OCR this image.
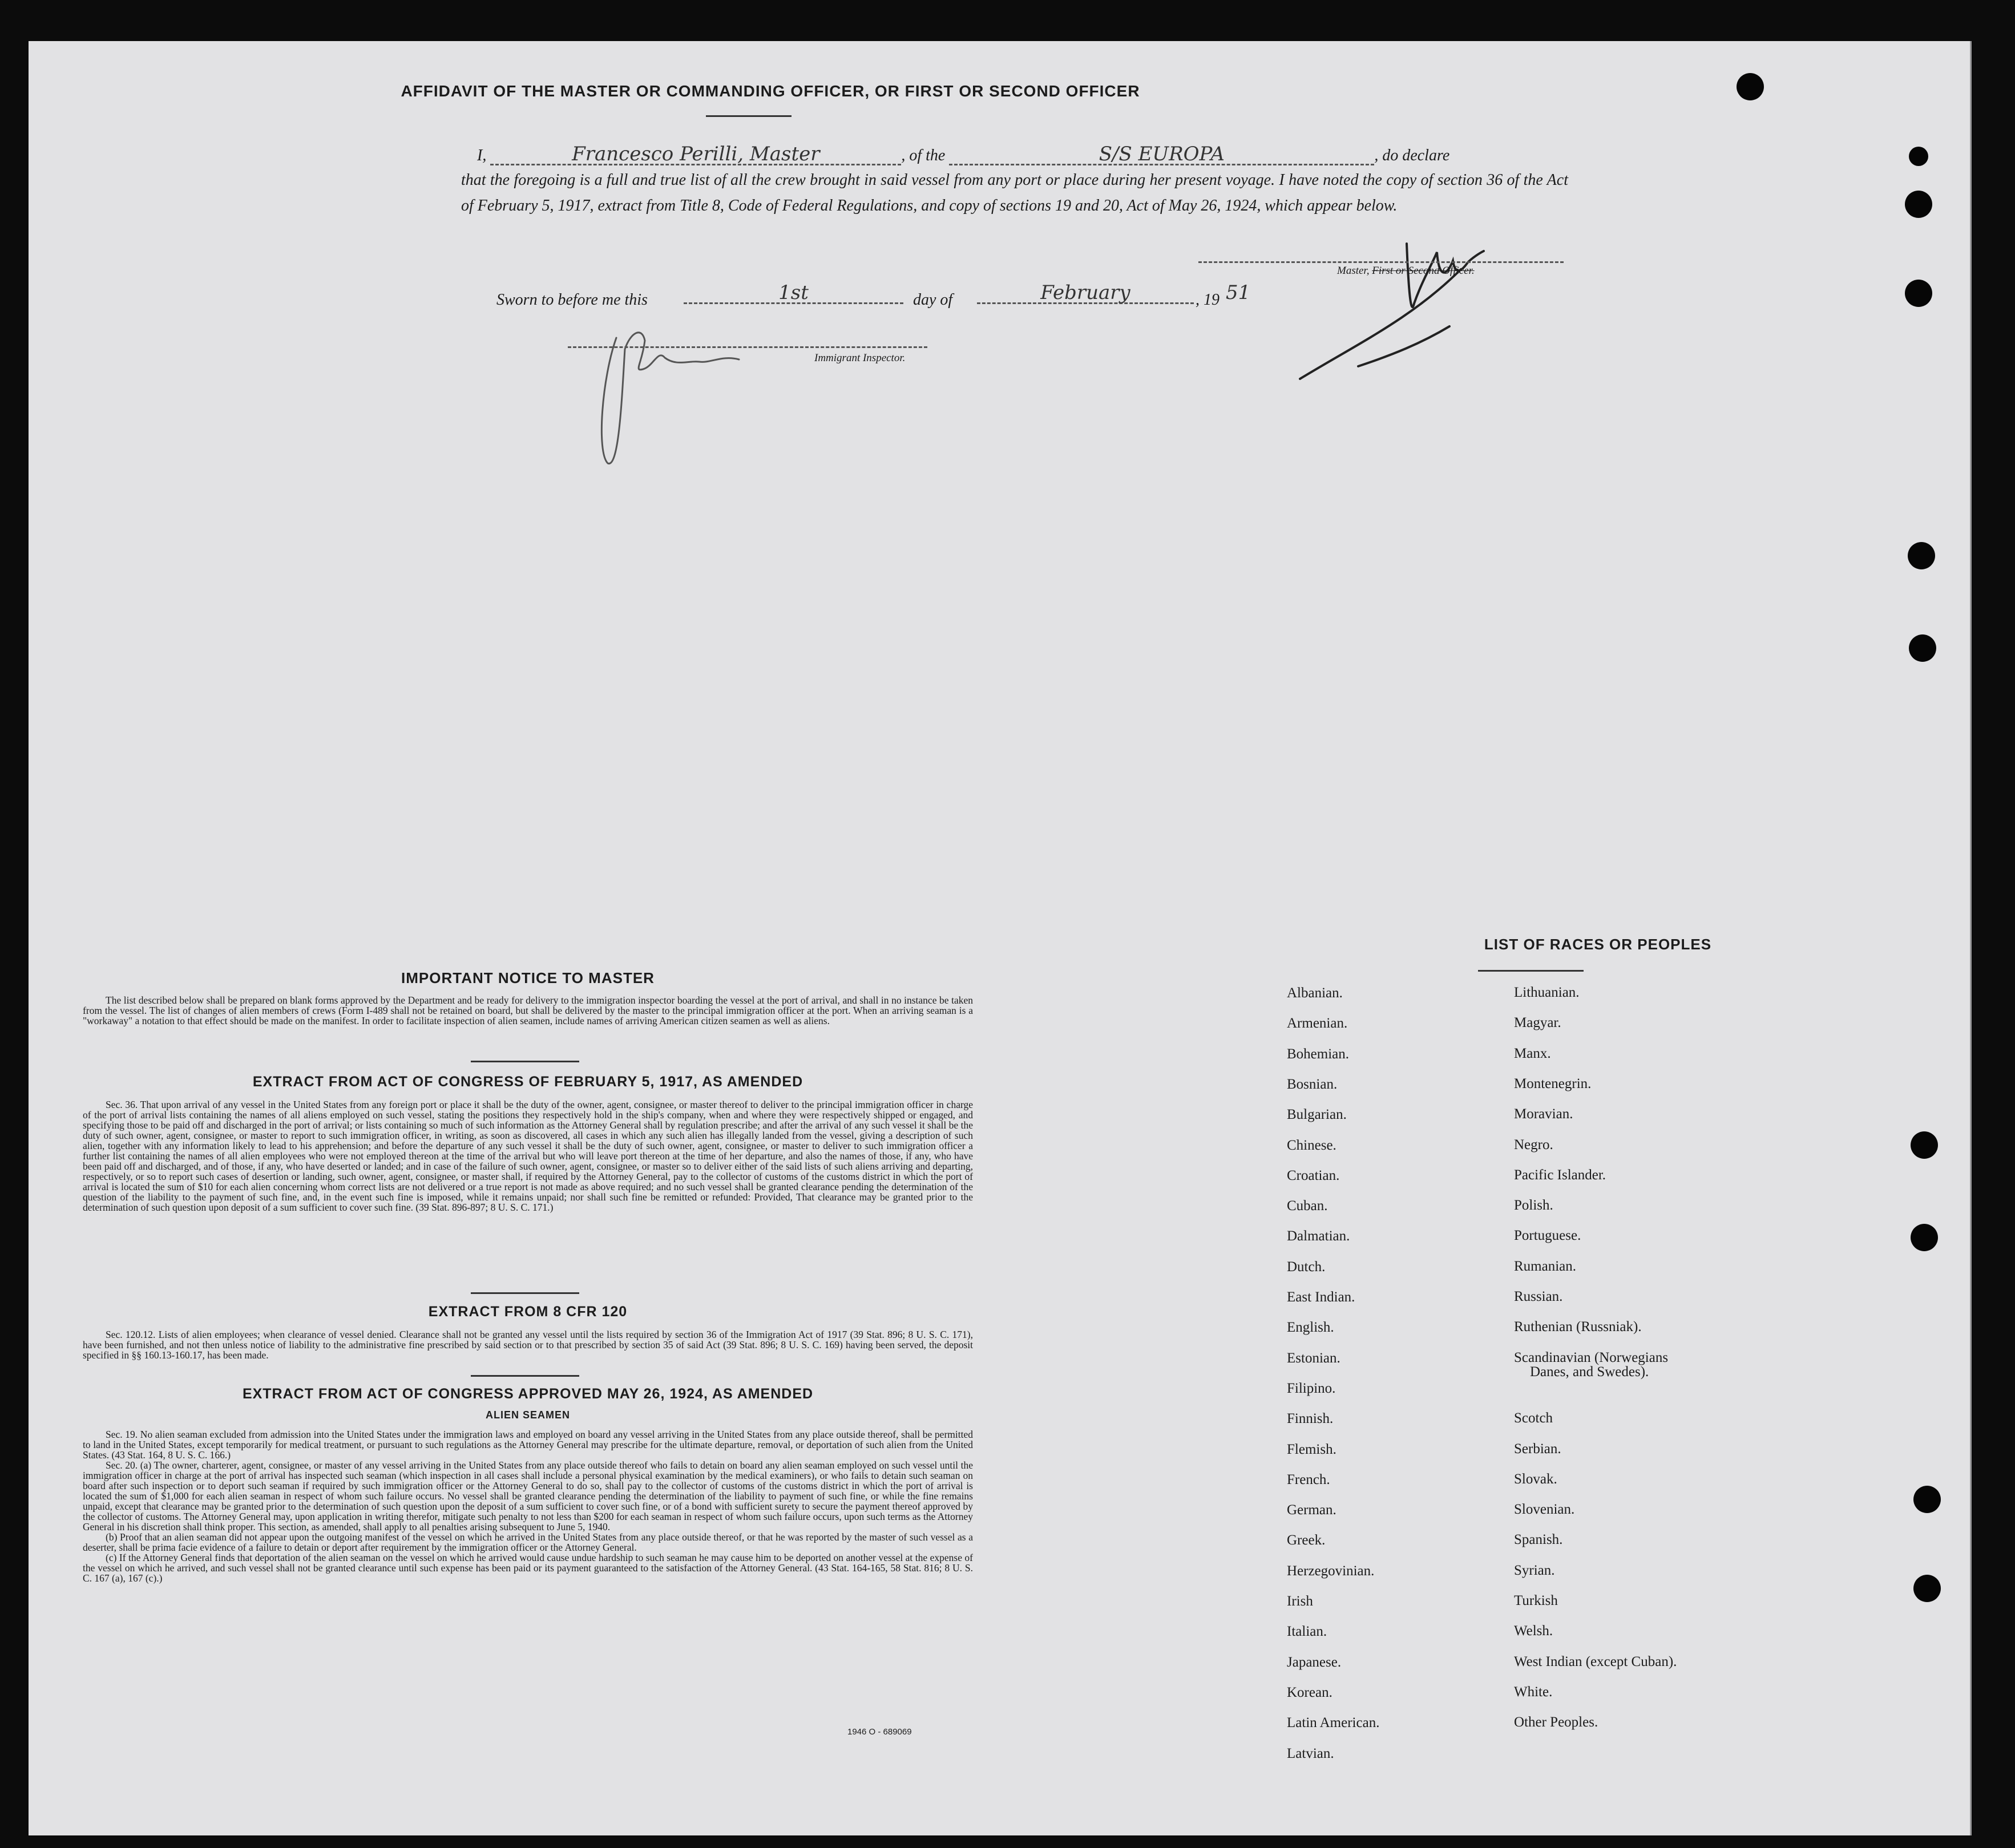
AFFIDAVIT OF THE MASTER OR COMMANDING OFFICER, OR FIRST OR SECOND OFFICER
I,	Francesco Perilli, Master	, of the	S/S EUROPA	, do declare
that the foregoing is a full and true list of all the crew brought in said vessel from any port or place during her present voyage. I have noted the copy of section 36 of the Act of February 5, 1917, extract from Title 8, Code of Federal Regulations, and copy of sections 19 and 20, Act of May 26, 1924, which appear below.
Master, First or Second Officer.
Sworn to before me this	1st	day of	February	, 19 51
Immigrant Inspector.
IMPORTANT NOTICE TO MASTER

The list described below shall be prepared on blank forms approved by the Department and be ready for delivery to the immigration inspector boarding the vessel at the port of arrival, and shall in no instance be taken from the vessel. The list of changes of alien members of crews (Form I-489 shall not be retained on board, but shall be delivered by the master to the principal immigration officer at the port. When an arriving seaman is a "workaway" a notation to that effect should be made on the manifest. In order to facilitate inspection of alien seamen, include names of arriving American citizen seamen as well as aliens.

EXTRACT FROM ACT OF CONGRESS OF FEBRUARY 5, 1917, AS AMENDED

Sec. 36. That upon arrival of any vessel in the United States from any foreign port or place it shall be the duty of the owner, agent, consignee, or master thereof to deliver to the principal immigration officer in charge of the port of arrival lists containing the names of all aliens employed on such vessel, stating the positions they respectively hold in the ship's company, when and where they were respectively shipped or engaged, and specifying those to be paid off and discharged in the port of arrival; or lists containing so much of such information as the Attorney General shall by regulation prescribe; and after the arrival of any such vessel it shall be the duty of such owner, agent, consignee, or master to report to such immigration officer, in writing, as soon as discovered, all cases in which any such alien has illegally landed from the vessel, giving a description of such alien, together with any information likely to lead to his apprehension; and before the departure of any such vessel it shall be the duty of such owner, agent, consignee, or master to deliver to such immigration officer a further list containing the names of all alien employees who were not employed thereon at the time of the arrival but who will leave port thereon at the time of her departure, and also the names of those, if any, who have been paid off and discharged, and of those, if any, who have deserted or landed; and in case of the failure of such owner, agent, consignee, or master so to deliver either of the said lists of such aliens arriving and departing, respectively, or so to report such cases of desertion or landing, such owner, agent, consignee, or master shall, if required by the Attorney General, pay to the collector of customs of the customs district in which the port of arrival is located the sum of $10 for each alien concerning whom correct lists are not delivered or a true report is not made as above required; and no such vessel shall be granted clearance pending the determination of the question of the liability to the payment of such fine, and, in the event such fine is imposed, while it remains unpaid; nor shall such fine be remitted or refunded: Provided, That clearance may be granted prior to the determination of such question upon deposit of a sum sufficient to cover such fine. (39 Stat. 896-897; 8 U. S. C. 171.)

EXTRACT FROM 8 CFR 120

Sec. 120.12. Lists of alien employees; when clearance of vessel denied. Clearance shall not be granted any vessel until the lists required by section 36 of the Immigration Act of 1917 (39 Stat. 896; 8 U. S. C. 171), have been furnished, and not then unless notice of liability to the administrative fine prescribed by said section or to that prescribed by section 35 of said Act (39 Stat. 896; 8 U. S. C. 169) having been served, the deposit specified in §§ 160.13-160.17, has been made.

EXTRACT FROM ACT OF CONGRESS APPROVED MAY 26, 1924, AS AMENDED
ALIEN SEAMEN

Sec. 19. No alien seaman excluded from admission into the United States under the immigration laws and employed on board any vessel arriving in the United States from any place outside thereof, shall be permitted to land in the United States, except temporarily for medical treatment, or pursuant to such regulations as the Attorney General may prescribe for the ultimate departure, removal, or deportation of such alien from the United States. (43 Stat. 164, 8 U. S. C. 166.)

Sec. 20. (a) The owner, charterer, agent, consignee, or master of any vessel arriving in the United States from any place outside thereof who fails to detain on board any alien seaman employed on such vessel until the immigration officer in charge at the port of arrival has inspected such seaman (which inspection in all cases shall include a personal physical examination by the medical examiners), or who fails to detain such seaman on board after such inspection or to deport such seaman if required by such immigration officer or the Attorney General to do so, shall pay to the collector of customs of the customs district in which the port of arrival is located the sum of $1,000 for each alien seaman in respect of whom such failure occurs. No vessel shall be granted clearance pending the determination of the liability to payment of such fine, or while the fine remains unpaid, except that clearance may be granted prior to the determination of such question upon the deposit of a sum sufficient to cover such fine, or of a bond with sufficient surety to secure the payment thereof approved by the collector of customs. The Attorney General may, upon application in writing therefor, mitigate such penalty to not less than $200 for each seaman in respect of whom such failure occurs, upon such terms as the Attorney General in his discretion shall think proper. This section, as amended, shall apply to all penalties arising subsequent to June 5, 1940.

(b) Proof that an alien seaman did not appear upon the outgoing manifest of the vessel on which he arrived in the United States from any place outside thereof, or that he was reported by the master of such vessel as a deserter, shall be prima facie evidence of a failure to detain or deport after requirement by the immigration officer or the Attorney General.

(c) If the Attorney General finds that deportation of the alien seaman on the vessel on which he arrived would cause undue hardship to such seaman he may cause him to be deported on another vessel at the expense of the vessel on which he arrived, and such vessel shall not be granted clearance until such expense has been paid or its payment guaranteed to the satisfaction of the Attorney General. (43 Stat. 164-165, 58 Stat. 816; 8 U. S. C. 167 (a), 167 (c).)

1946 O - 689069
LIST OF RACES OR PEOPLES
Albanian.
Armenian.
Bohemian.
Bosnian.
Bulgarian.
Chinese.
Croatian.
Cuban.
Dalmatian.
Dutch.
East Indian.
English.
Estonian.
Filipino.
Finnish.
Flemish.
French.
German.
Greek.
Herzegovinian.
Irish
Italian.
Japanese.
Korean.
Latin American.
Latvian.
Lithuanian.
Magyar.
Manx.
Montenegrin.
Moravian.
Negro.
Pacific Islander.
Polish.
Portuguese.
Rumanian.
Russian.
Ruthenian (Russniak).
Scandinavian (Norwegians
Danes, and Swedes).
Scotch
Serbian.
Slovak.
Slovenian.
Spanish.
Syrian.
Turkish
Welsh.
West Indian (except Cuban).
White.
Other Peoples.
